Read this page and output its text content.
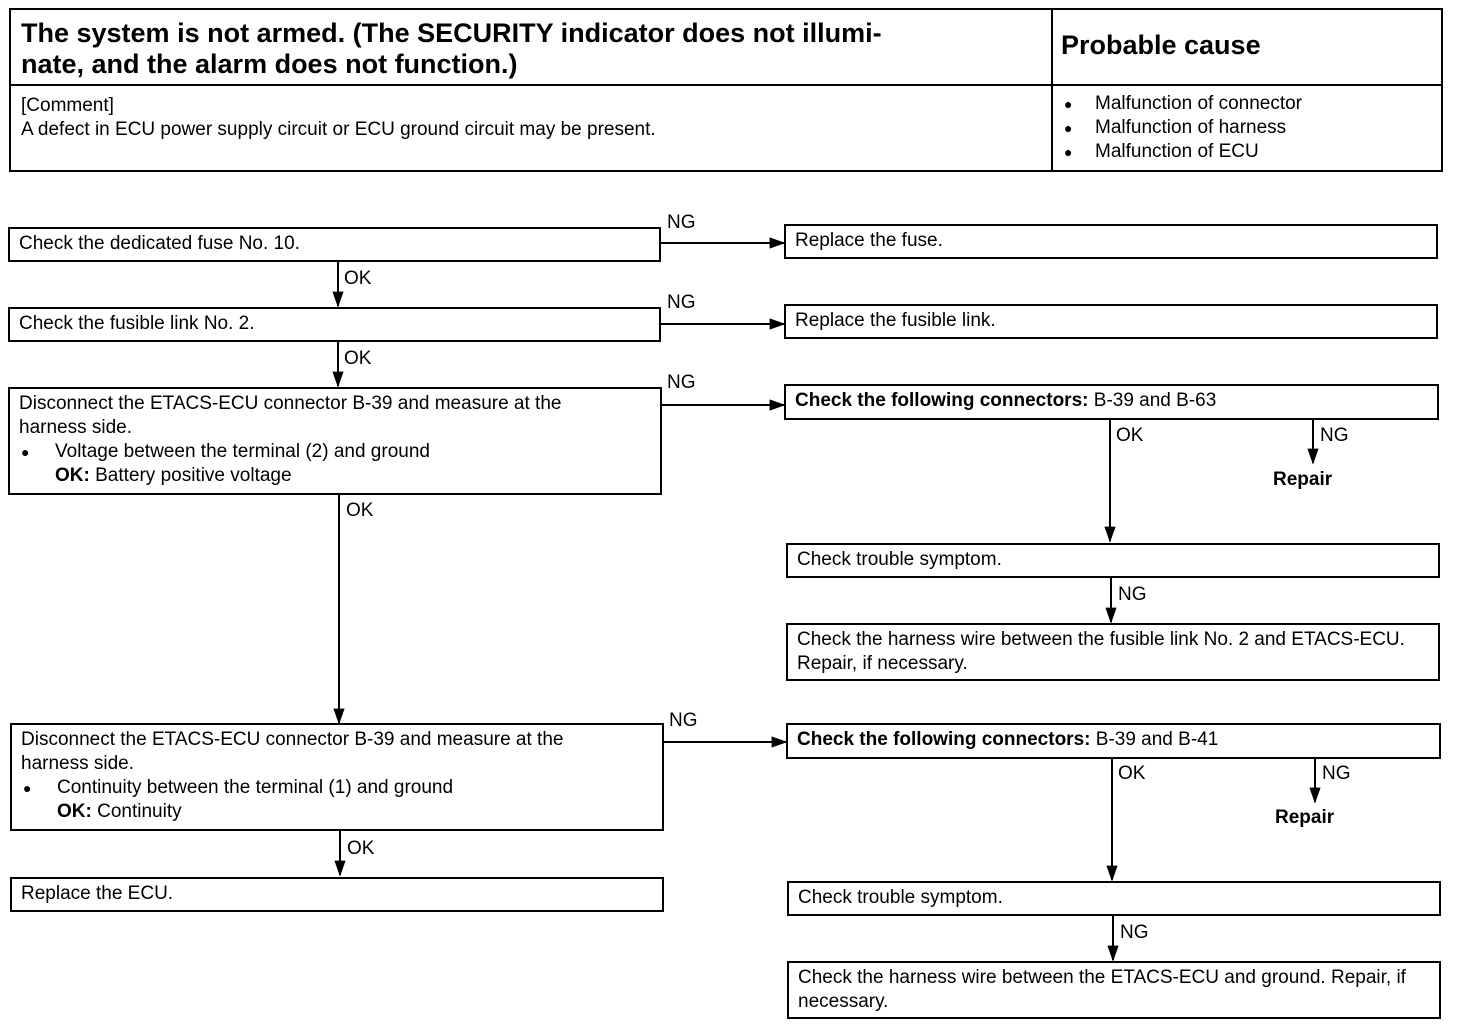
The system is not armed. (The SECURITY indicator does not illumi-
nate, and the alarm does not function.)
Probable cause
[Comment]
A defect in ECU power supply circuit or ECU ground circuit may be present.
● Malfunction of connector
● Malfunction of harness
● Malfunction of ECU
Check the dedicated fuse No. 10.
NG
Replace the fuse.
OK
Check the fusible link No. 2.
NG
Replace the fusible link.
OK
Disconnect the ETACS-ECU connector B-39 and measure at the
harness side.
● Voltage between the terminal (2) and ground
OK: Battery positive voltage
NG
Check the following connectors: B-39 and B-63
OK	NG
Repair
OK
Check trouble symptom.
NG
Check the harness wire between the fusible link No. 2 and ETACS-ECU. Repair, if necessary.
Disconnect the ETACS-ECU connector B-39 and measure at the
harness side.
● Continuity between the terminal (1) and ground
OK: Continuity
NG
Check the following connectors: B-39 and B-41
OK	NG
Repair
OK
Check trouble symptom.
NG
Check the harness wire between the ETACS-ECU and ground. Repair, if necessary.
Replace the ECU.
